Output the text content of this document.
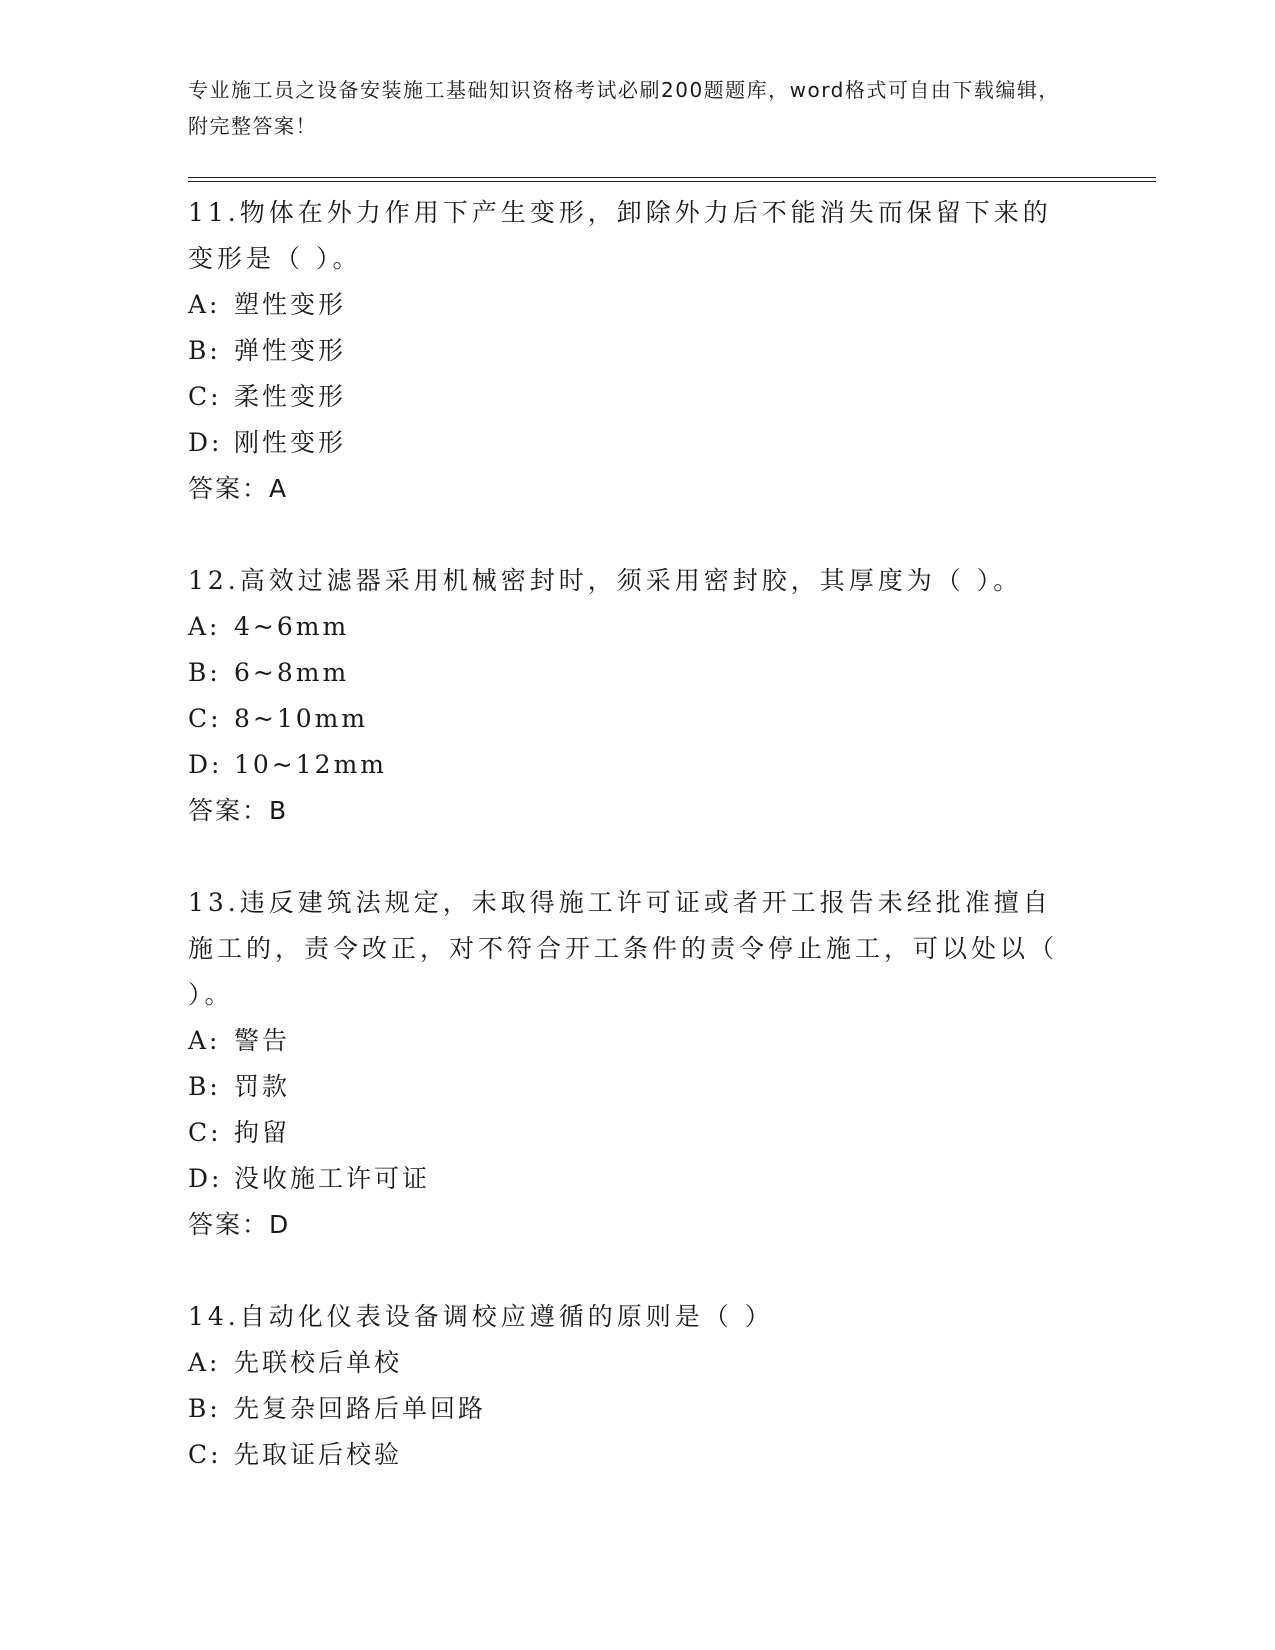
专业施工员之设备安装施工基础知识资格考试必刷200题题库，word格式可自由下载编辑，附完整答案！
11.物体在外力作用下产生变形，卸除外力后不能消失而保留下来的变形是（ ）。
A: 塑性变形
B: 弹性变形
C: 柔性变形
D: 刚性变形
答案：A
12.高效过滤器采用机械密封时，须采用密封胶，其厚度为（ ）。
A: 4~6mm
B: 6~8mm
C: 8~10mm
D: 10~12mm
答案：B
13.违反建筑法规定，未取得施工许可证或者开工报告未经批准擅自施工的，责令改正，对不符合开工条件的责令停止施工，可以处以（ ）。
A: 警告
B: 罚款
C: 拘留
D: 没收施工许可证
答案：D
14.自动化仪表设备调校应遵循的原则是（ ）
A: 先联校后单校
B: 先复杂回路后单回路
C: 先取证后校验
